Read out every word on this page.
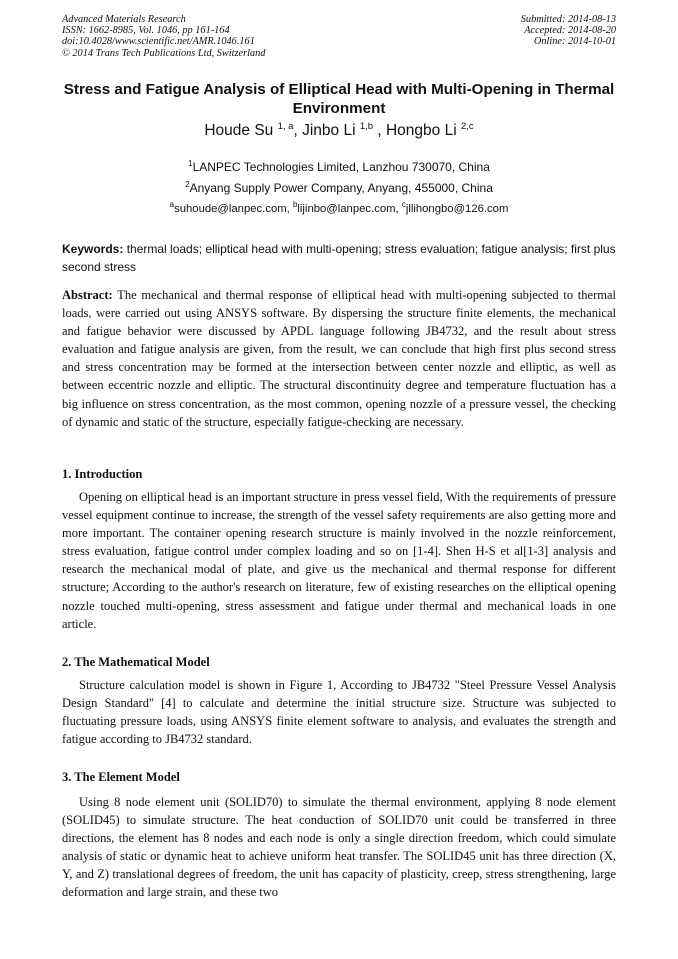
Advanced Materials Research
ISSN: 1662-8985, Vol. 1046, pp 161-164
doi:10.4028/www.scientific.net/AMR.1046.161
© 2014 Trans Tech Publications Ltd, Switzerland
Submitted: 2014-08-13
Accepted: 2014-08-20
Online: 2014-10-01
Stress and Fatigue Analysis of Elliptical Head with Multi-Opening in Thermal Environment
Houde Su $^{1, a}$, Jinbo Li $^{1,b}$ , Hongbo Li $^{2,c}$
$^1$LANPEC Technologies Limited, Lanzhou 730070, China
$^2$Anyang Supply Power Company, Anyang, 455000, China
$^a$suhoude@lanpec.com, $^b$lijinbo@lanpec.com, $^c$jllihongbo@126.com
Keywords: thermal loads; elliptical head with multi-opening; stress evaluation; fatigue analysis; first plus second stress
Abstract: The mechanical and thermal response of elliptical head with multi-opening subjected to thermal loads, were carried out using ANSYS software. By dispersing the structure finite elements, the mechanical and fatigue behavior were discussed by APDL language following JB4732, and the result about stress evaluation and fatigue analysis are given, from the result, we can conclude that high first plus second stress and stress concentration may be formed at the intersection between center nozzle and elliptic, as well as between eccentric nozzle and elliptic. The structural discontinuity degree and temperature fluctuation has a big influence on stress concentration, as the most common, opening nozzle of a pressure vessel, the checking of dynamic and static of the structure, especially fatigue-checking are necessary.
1. Introduction
Opening on elliptical head is an important structure in press vessel field, With the requirements of pressure vessel equipment continue to increase, the strength of the vessel safety requirements are also getting more and more important. The container opening research structure is mainly involved in the nozzle reinforcement, stress evaluation, fatigue control under complex loading and so on [1-4]. Shen H-S et al[1-3] analysis and research the mechanical modal of plate, and give us the mechanical and thermal response for different structure; According to the author's research on literature, few of existing researches on the elliptical opening nozzle touched multi-opening, stress assessment and fatigue under thermal and mechanical loads in one article.
2. The Mathematical Model
Structure calculation model is shown in Figure 1, According to JB4732 "Steel Pressure Vessel Analysis Design Standard" [4] to calculate and determine the initial structure size. Structure was subjected to fluctuating pressure loads, using ANSYS finite element software to analysis, and evaluates the strength and fatigue according to JB4732 standard.
3. The Element Model
Using 8 node element unit (SOLID70) to simulate the thermal environment, applying 8 node element (SOLID45) to simulate structure. The heat conduction of SOLID70 unit could be transferred in three directions, the element has 8 nodes and each node is only a single direction freedom, which could simulate analysis of static or dynamic heat to achieve uniform heat transfer. The SOLID45 unit has three direction (X, Y, and Z) translational degrees of freedom, the unit has capacity of plasticity, creep, stress strengthening, large deformation and large strain, and these two
